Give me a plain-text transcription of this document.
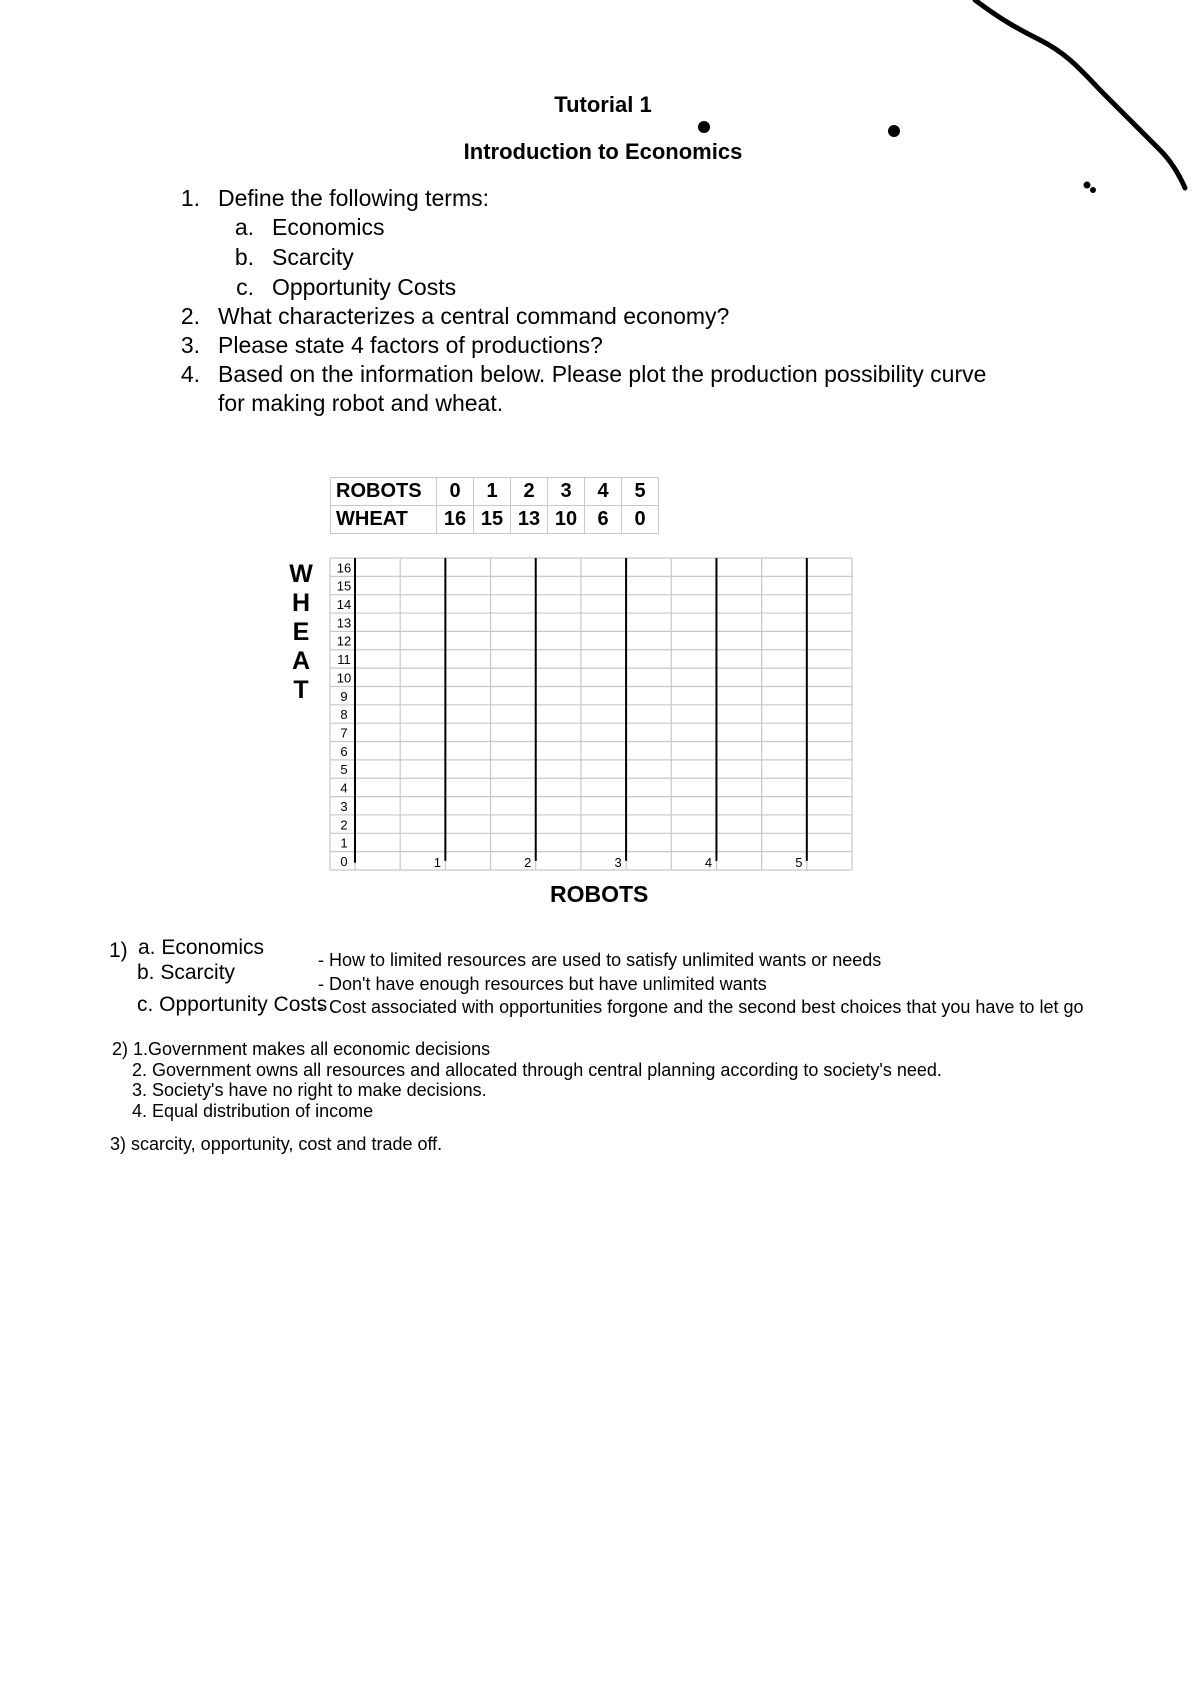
Tutorial 1
Introduction to Economics
1. Define the following terms:
a. Economics
b. Scarcity
c. Opportunity Costs
2. What characterizes a central command economy?
3. Please state 4 factors of productions?
4. Based on the information below. Please plot the production possibility curve
for making robot and wheat.
ROBOTS	0	1	2	3	4	5
WHEAT	16	15	13	10	6	0
W
H
E
A
T
16
15
14
13
12
11
10
9
8
7
6
5
4
3
2
1
0	1	2	3	4	5
ROBOTS
1) a. Economics
- How to limited resources are used to satisfy unlimited wants or needs
b. Scarcity	- Don't have enough resources but have unlimited wants
c. Opportunity Costs
- Cost associated with opportunities forgone and the second best choices that you have to let go
2) 1.Government makes all economic decisions
2. Government owns all resources and allocated through central planning according to society's need.
3. Society's have no right to make decisions.
4. Equal distribution of income
3) scarcity, opportunity, cost and trade off.
